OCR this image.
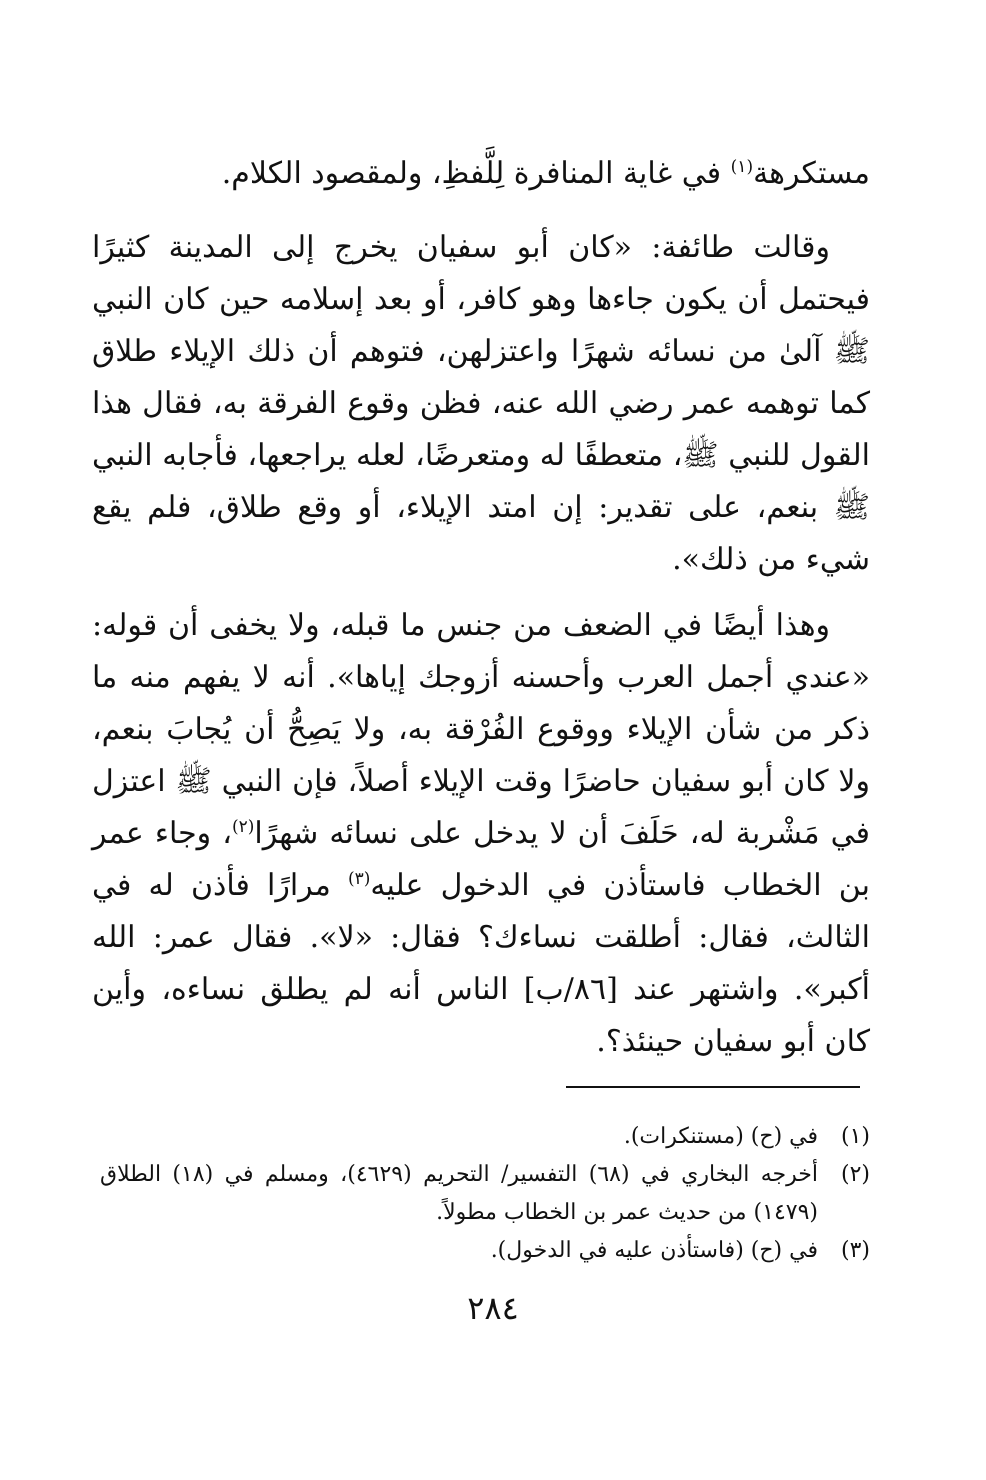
مستكرهة$^{(١)}$ في غاية المنافرة لِلَّفظِ، ولمقصود الكلام.

وقالت طائفة: «كان أبو سفيان يخرج إلى المدينة كثيرًا فيحتمل أن يكون جاءها وهو كافر، أو بعد إسلامه حين كان النبي ﷺ آلىٰ من نسائه شهرًا واعتزلهن، فتوهم أن ذلك الإيلاء طلاق كما توهمه عمر رضي الله عنه، فظن وقوع الفرقة به، فقال هذا القول للنبي ﷺ، متعطفًا له ومتعرضًا، لعله يراجعها، فأجابه النبي ﷺ بنعم، على تقدير: إن امتد الإيلاء، أو وقع طلاق، فلم يقع شيء من ذلك».

وهذا أيضًا في الضعف من جنس ما قبله، ولا يخفى أن قوله: «عندي أجمل العرب وأحسنه أزوجك إياها». أنه لا يفهم منه ما ذكر من شأن الإيلاء ووقوع الفُرْقة به، ولا يَصِحُّ أن يُجابَ بنعم، ولا كان أبو سفيان حاضرًا وقت الإيلاء أصلاً، فإن النبي ﷺ اعتزل في مَشْربة له، حَلَفَ أن لا يدخل على نسائه شهرًا$^{(٢)}$، وجاء عمر بن الخطاب فاستأذن في الدخول عليه$^{(٣)}$ مرارًا فأذن له في الثالث، فقال: أطلقت نساءك؟ فقال: «لا». فقال عمر: الله أكبر». واشتهر عند [٨٦/ب] الناس أنه لم يطلق نساءه، وأين كان أبو سفيان حينئذ؟.

(١)
في (ح) (مستنكرات).
(٢)
أخرجه البخاري في (٦٨) التفسير/ التحريم (٤٦٢٩)، ومسلم في (١٨) الطلاق (١٤٧٩) من حديث عمر بن الخطاب مطولاً.
(٣)
في (ح) (فاستأذن عليه في الدخول).
٢٨٤
